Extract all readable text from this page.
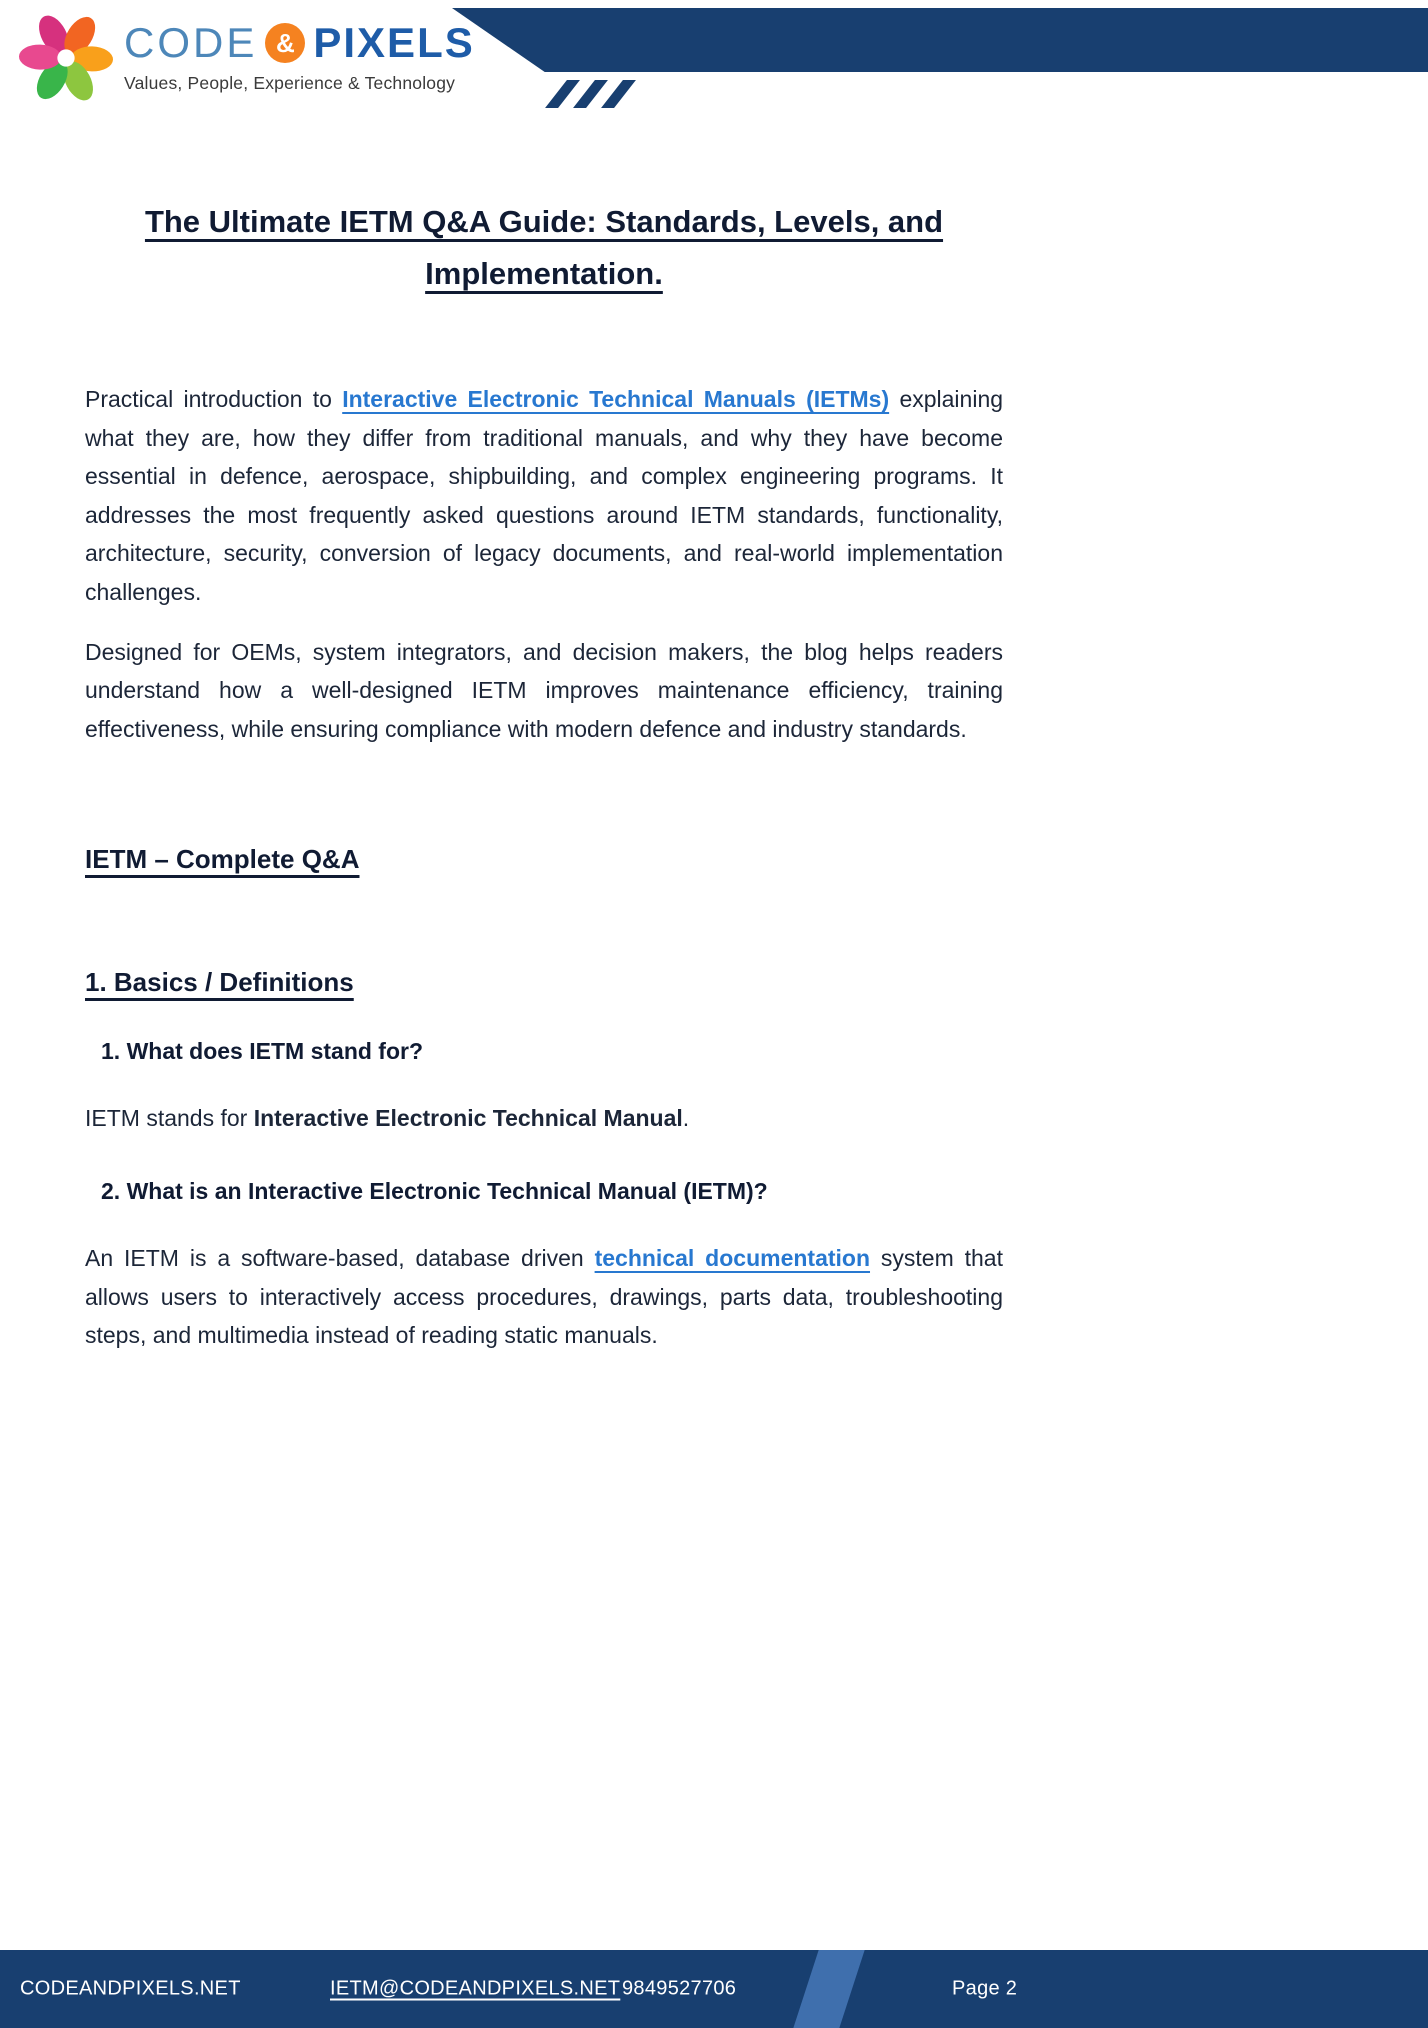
CODE & PIXELS
Values, People, Experience & Technology
The Ultimate IETM Q&A Guide: Standards, Levels, and
Implementation.

Practical introduction to Interactive Electronic Technical Manuals (IETMs) explaining what they are, how they differ from traditional manuals, and why they have become essential in defence, aerospace, shipbuilding, and complex engineering programs. It addresses the most frequently asked questions around IETM standards, functionality, architecture, security, conversion of legacy documents, and real-world implementation challenges.

Designed for OEMs, system integrators, and decision makers, the blog helps readers understand how a well-designed IETM improves maintenance efficiency, training effectiveness, while ensuring compliance with modern defence and industry standards.

IETM – Complete Q&A
1. Basics / Definitions
1. What does IETM stand for?

IETM stands for Interactive Electronic Technical Manual.

2. What is an Interactive Electronic Technical Manual (IETM)?

An IETM is a software-based, database driven technical documentation system that allows users to interactively access procedures, drawings, parts data, troubleshooting steps, and multimedia instead of reading static manuals.

CODEANDPIXELS.NET	IETM@CODEANDPIXELS.NET 9849527706	Page 2
